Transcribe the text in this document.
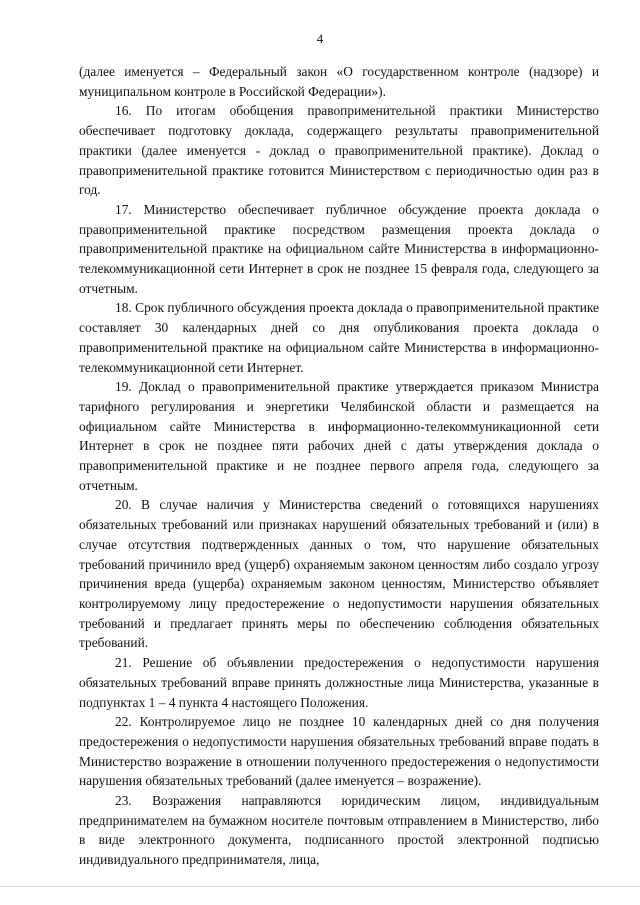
4

(далее именуется – Федеральный закон «О государственном контроле (надзоре) и муниципальном контроле в Российской Федерации»).

16. По итогам обобщения правоприменительной практики Министерство обеспечивает подготовку доклада, содержащего результаты правоприменительной практики (далее именуется - доклад о правоприменительной практике). Доклад о правоприменительной практике готовится Министерством с периодичностью один раз в год.

17. Министерство обеспечивает публичное обсуждение проекта доклада о правоприменительной практике посредством размещения проекта доклада о правоприменительной практике на официальном сайте Министерства в информационно-телекоммуникационной сети Интернет в срок не позднее 15 февраля года, следующего за отчетным.

18. Срок публичного обсуждения проекта доклада о правоприменительной практике составляет 30 календарных дней со дня опубликования проекта доклада о правоприменительной практике на официальном сайте Министерства в информационно-телекоммуникационной сети Интернет.

19. Доклад о правоприменительной практике утверждается приказом Министра тарифного регулирования и энергетики Челябинской области и размещается на официальном сайте Министерства в информационно-телекоммуникационной сети Интернет в срок не позднее пяти рабочих дней с даты утверждения доклада о правоприменительной практике и не позднее первого апреля года, следующего за отчетным.

20. В случае наличия у Министерства сведений о готовящихся нарушениях обязательных требований или признаках нарушений обязательных требований и (или) в случае отсутствия подтвержденных данных о том, что нарушение обязательных требований причинило вред (ущерб) охраняемым законом ценностям либо создало угрозу причинения вреда (ущерба) охраняемым законом ценностям, Министерство объявляет контролируемому лицу предостережение о недопустимости нарушения обязательных требований и предлагает принять меры по обеспечению соблюдения обязательных требований.

21. Решение об объявлении предостережения о недопустимости нарушения обязательных требований вправе принять должностные лица Министерства, указанные в подпунктах 1 – 4 пункта 4 настоящего Положения.

22. Контролируемое лицо не позднее 10 календарных дней со дня получения предостережения о недопустимости нарушения обязательных требований вправе подать в Министерство возражение в отношении полученного предостережения о недопустимости нарушения обязательных требований (далее именуется – возражение).

23. Возражения направляются юридическим лицом, индивидуальным предпринимателем на бумажном носителе почтовым отправлением в Министерство, либо в виде электронного документа, подписанного простой электронной подписью индивидуального предпринимателя, лица,
